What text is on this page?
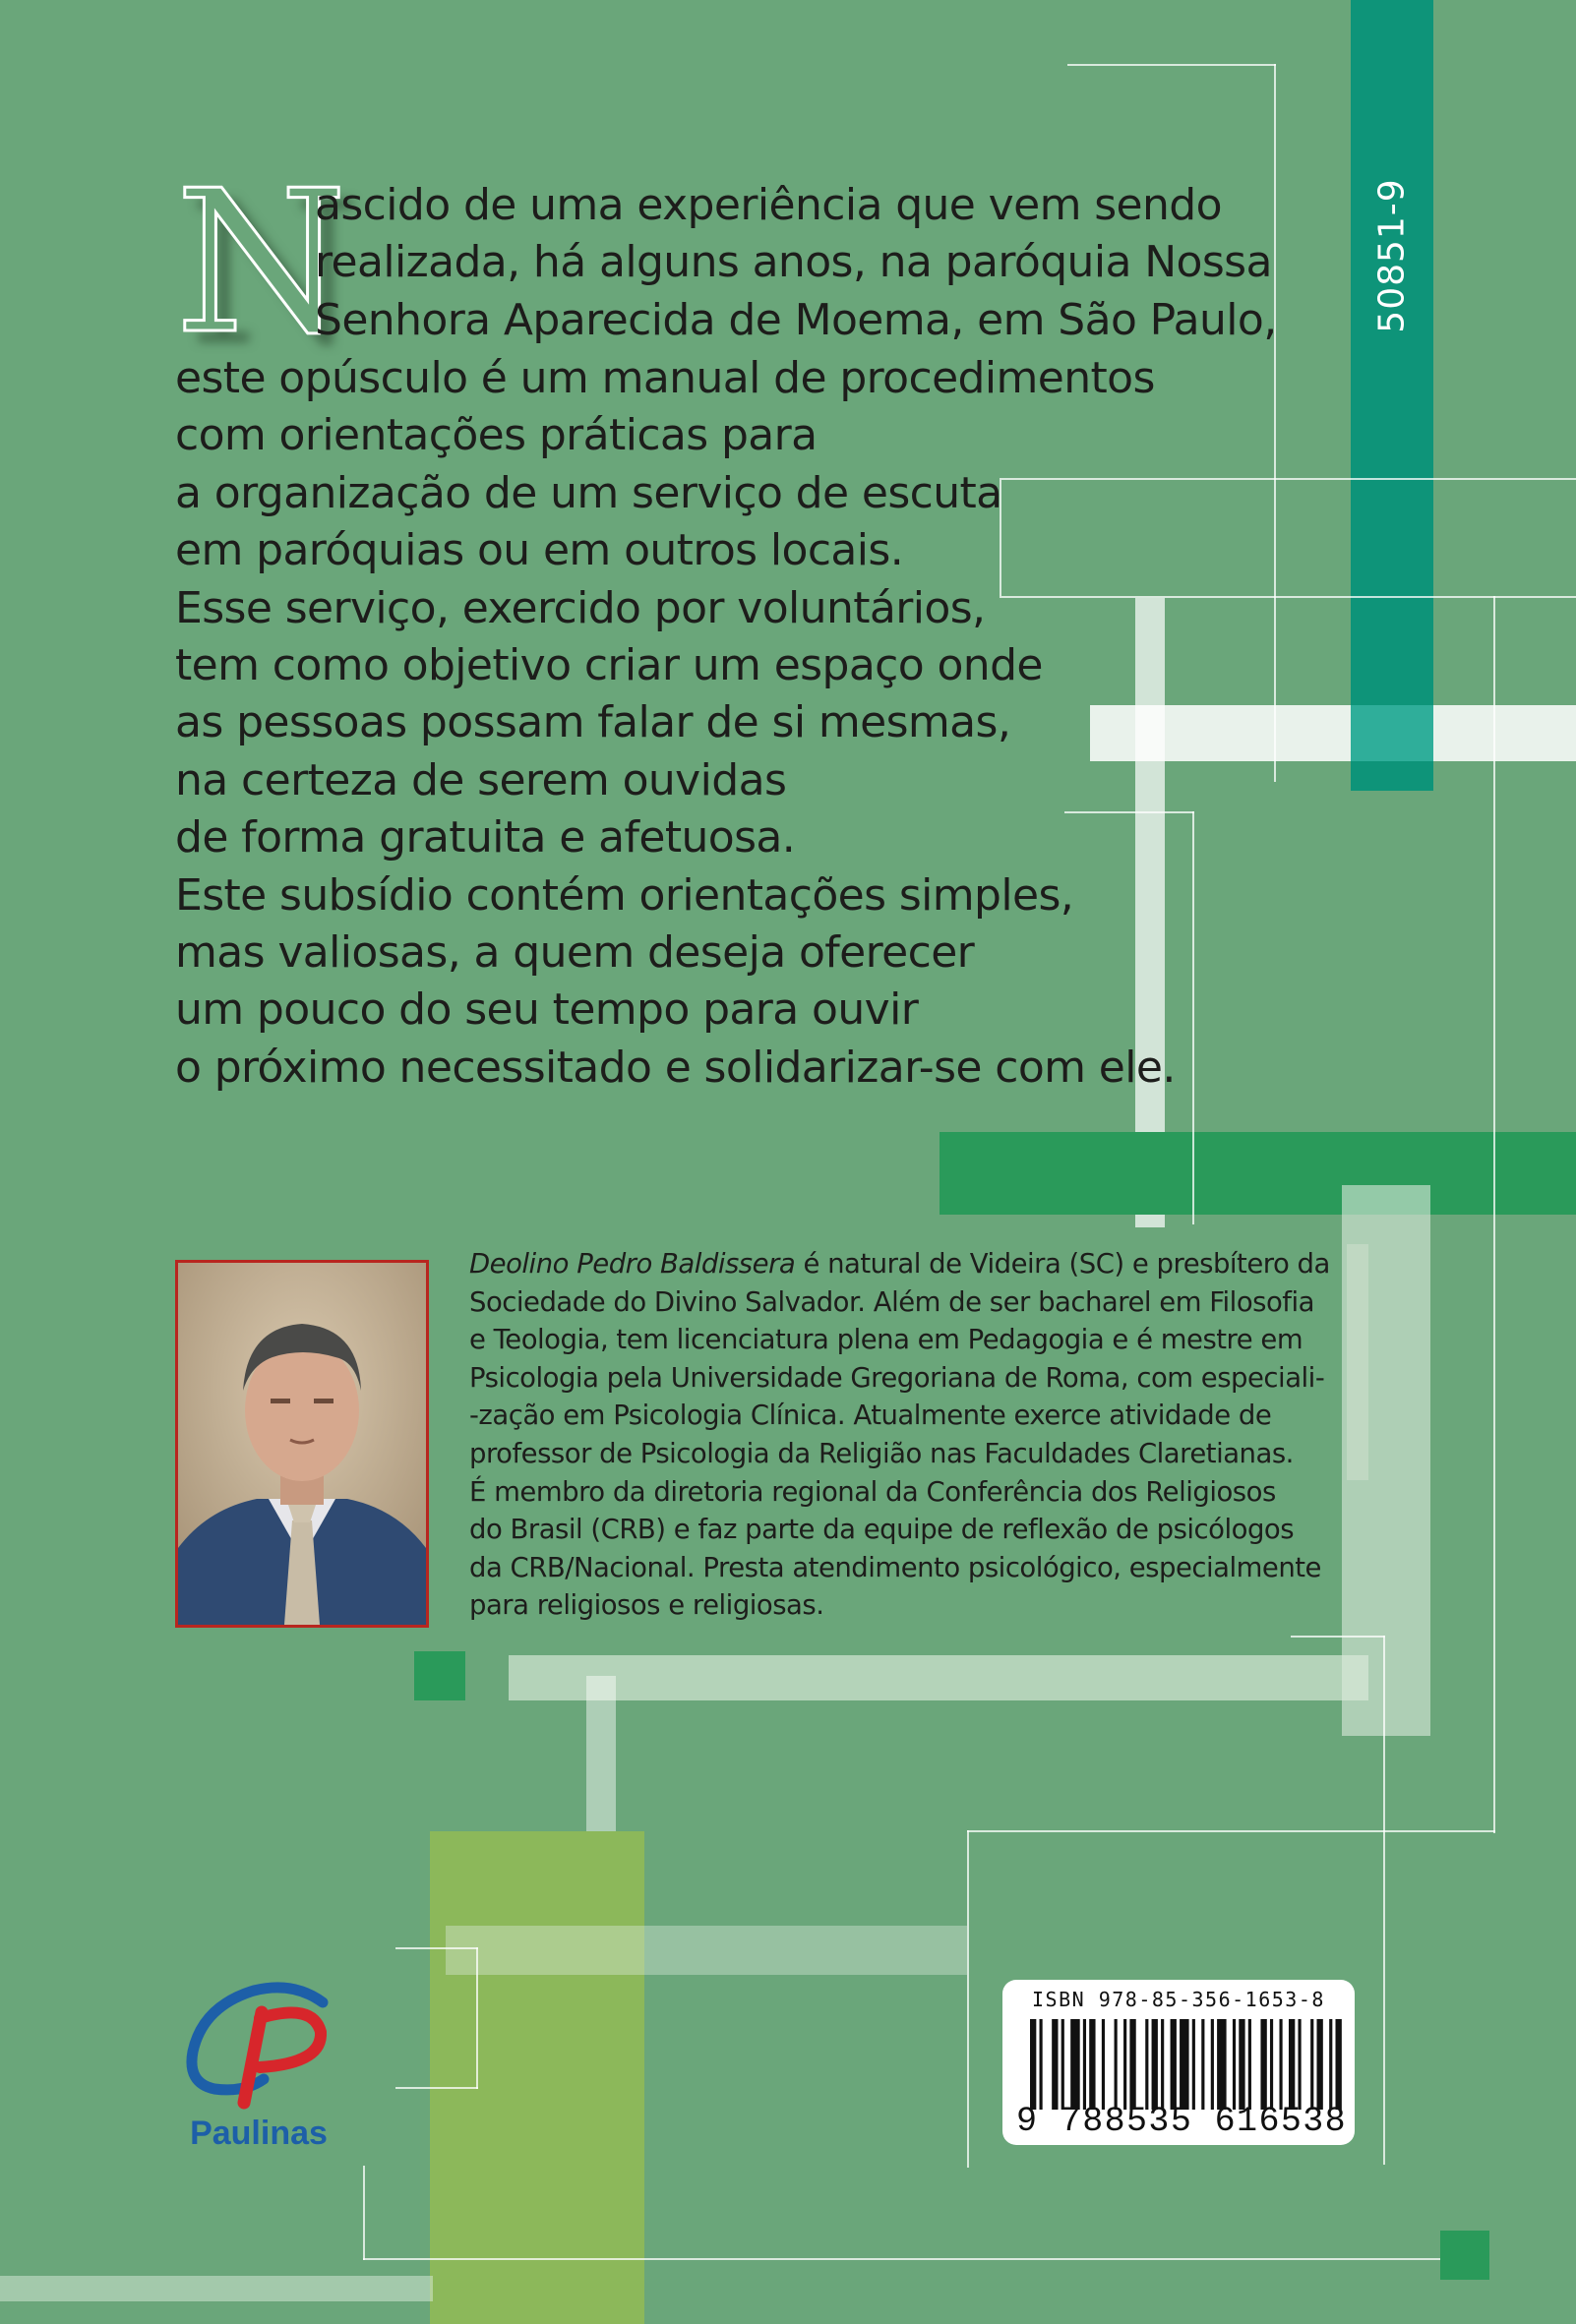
50851-9
N
ascido de uma experiência que vem sendo
realizada, há alguns anos, na paróquia Nossa
Senhora Aparecida de Moema, em São Paulo,
este opúsculo é um manual de procedimentos
com orientações práticas para
a organização de um serviço de escuta
em paróquias ou em outros locais.
Esse serviço, exercido por voluntários,
tem como objetivo criar um espaço onde
as pessoas possam falar de si mesmas,
na certeza de serem ouvidas
de forma gratuita e afetuosa.
Este subsídio contém orientações simples,
mas valiosas, a quem deseja oferecer
um pouco do seu tempo para ouvir
o próximo necessitado e solidarizar-se com ele.
Deolino Pedro Baldissera é natural de Videira (SC) e presbítero da
Sociedade do Divino Salvador. Além de ser bacharel em Filosofia
e Teologia, tem licenciatura plena em Pedagogia e é mestre em
Psicologia pela Universidade Gregoriana de Roma, com especiali-
-zação em Psicologia Clínica. Atualmente exerce atividade de
professor de Psicologia da Religião nas Faculdades Claretianas.
É membro da diretoria regional da Conferência dos Religiosos
do Brasil (CRB) e faz parte da equipe de reflexão de psicólogos
da CRB/Nacional. Presta atendimento psicológico, especialmente
para religiosos e religiosas.
Paulinas
ISBN 978-85-356-1653-8
9 788535 616538
